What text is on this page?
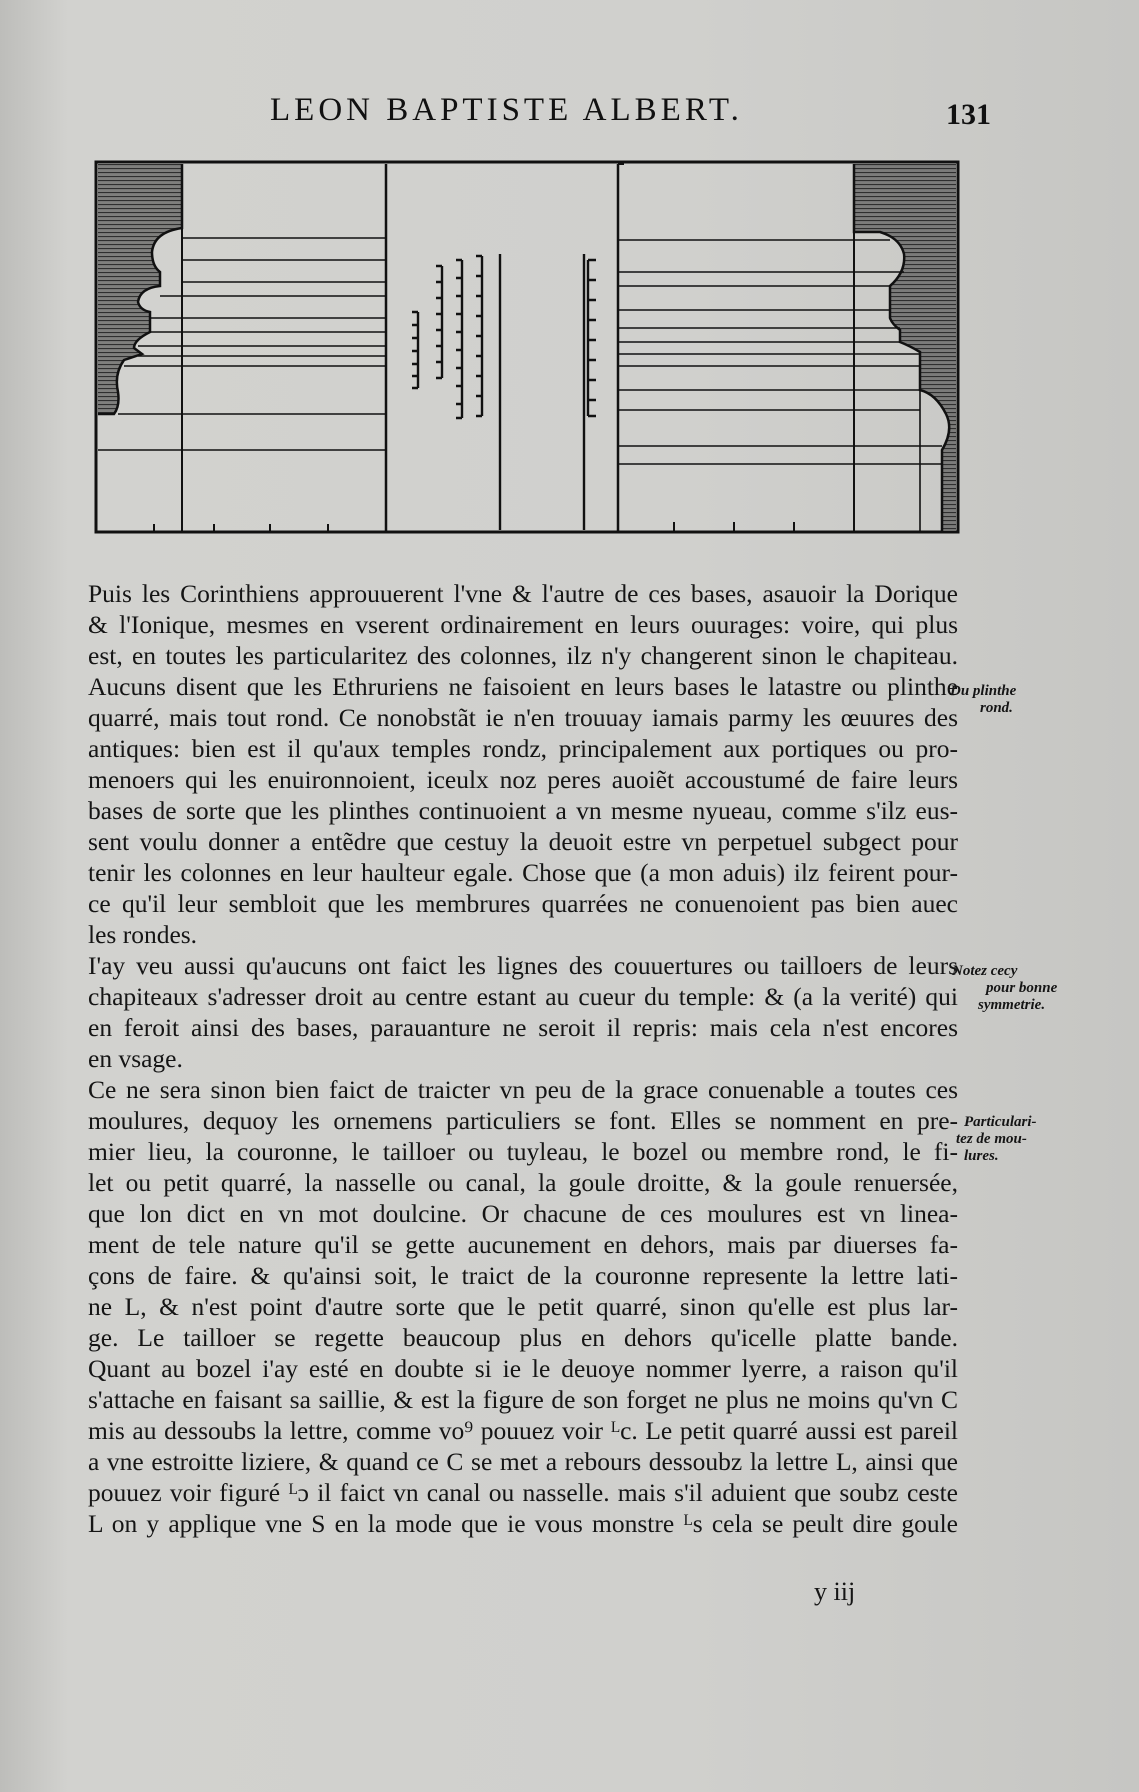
LEON BAPTISTE ALBERT.	131
Puis les Corinthiens approuuerent l'vne & l'autre de ces bases, asauoir la Dorique
& l'Ionique, mesmes en vserent ordinairement en leurs ouurages: voire, qui plus
est, en toutes les particularitez des colonnes, ilz n'y changerent sinon le chapiteau.
Aucuns disent que les Ethruriens ne faisoient en leurs bases le latastre ou plinthe
quarré, mais tout rond. Ce nonobstãt ie n'en trouuay iamais parmy les œuures des
antiques: bien est il qu'aux temples rondz, principalement aux portiques ou pro-
menoers qui les enuironnoient, iceulx noz peres auoiẽt accoustumé de faire leurs
bases de sorte que les plinthes continuoient a vn mesme nyueau, comme s'ilz eus-
sent voulu donner a entẽdre que cestuy la deuoit estre vn perpetuel subgect pour
tenir les colonnes en leur haulteur egale. Chose que (a mon aduis) ilz feirent pour-
ce qu'il leur sembloit que les membrures quarrées ne conuenoient pas bien auec
les rondes.
I'ay veu aussi qu'aucuns ont faict les lignes des couuertures ou tailloers de leurs
chapiteaux s'adresser droit au centre estant au cueur du temple: & (a la verité) qui
en feroit ainsi des bases, parauanture ne seroit il repris: mais cela n'est encores
en vsage.
Ce ne sera sinon bien faict de traicter vn peu de la grace conuenable a toutes ces
moulures, dequoy les ornemens particuliers se font. Elles se nomment en pre-
mier lieu, la couronne, le tailloer ou tuyleau, le bozel ou membre rond, le fi-
let ou petit quarré, la nasselle ou canal, la goule droitte, & la goule renuersée,
que lon dict en vn mot doulcine. Or chacune de ces moulures est vn linea-
ment de tele nature qu'il se gette aucunement en dehors, mais par diuerses fa-
çons de faire. & qu'ainsi soit, le traict de la couronne represente la lettre lati-
ne L, & n'est point d'autre sorte que le petit quarré, sinon qu'elle est plus lar-
ge. Le tailloer se regette beaucoup plus en dehors qu'icelle platte bande.
Quant au bozel i'ay esté en doubte si ie le deuoye nommer lyerre, a raison qu'il
s'attache en faisant sa saillie, & est la figure de son forget ne plus ne moins qu'vn C
mis au dessoubs la lettre, comme vo⁹ pouuez voir ᴸc. Le petit quarré aussi est pareil
a vne estroitte liziere, & quand ce C se met a rebours dessoubz la lettre L, ainsi que
pouuez voir figuré ᴸɔ il faict vn canal ou nasselle. mais s'il aduient que soubz ceste
L on y applique vne S en la mode que ie vous monstre ᴸs cela se peult dire goule
Du plinthe
rond.
Notez cecy
pour bonne
symmetrie.
Particulari-
tez de mou-
lures.
y iij
